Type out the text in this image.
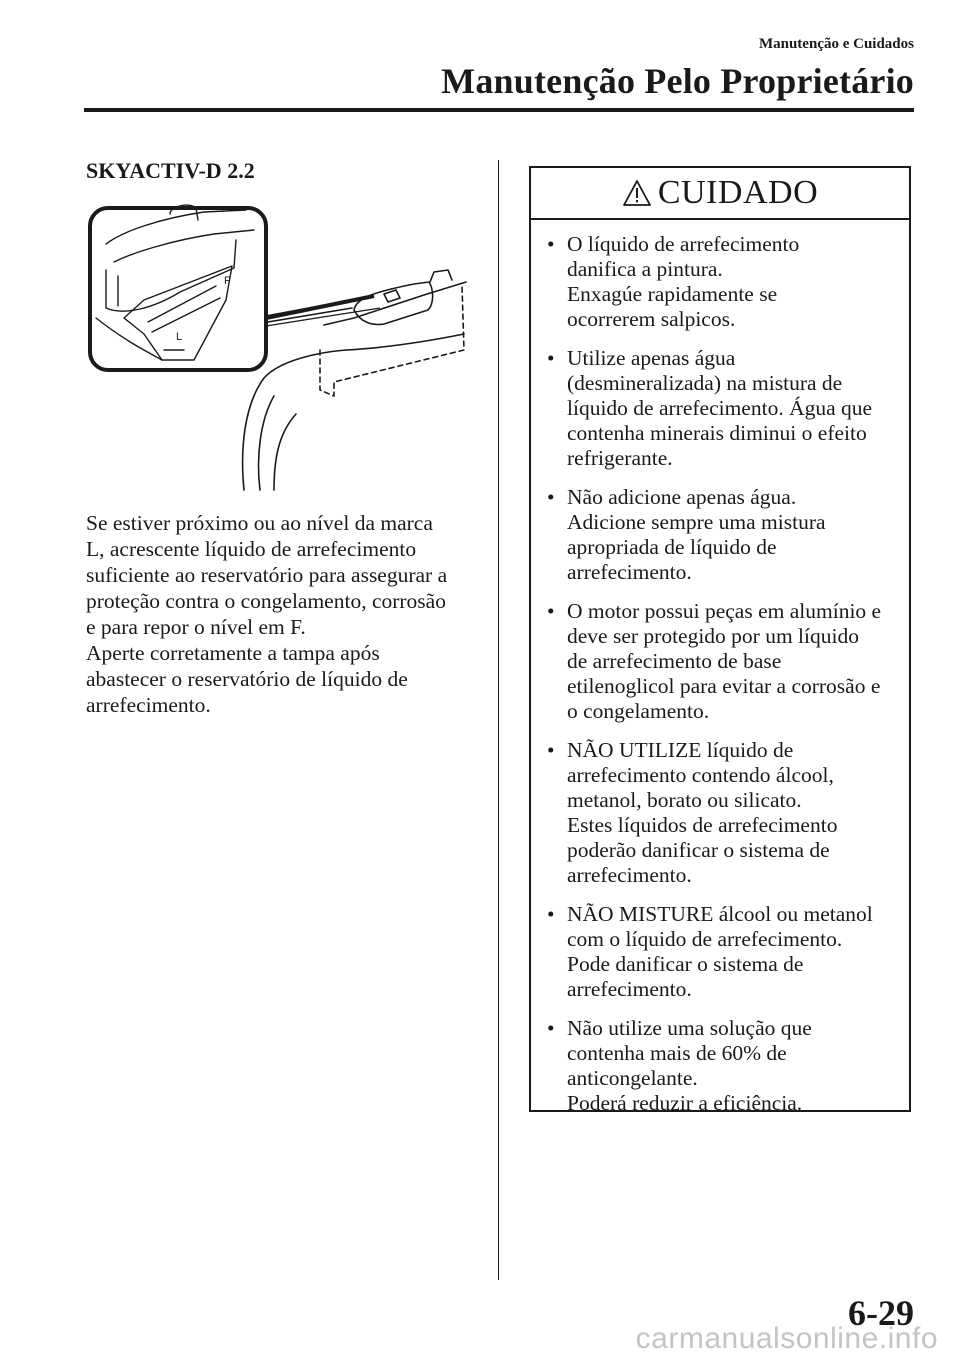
Manutenção e Cuidados
Manutenção Pelo Proprietário
SKYACTIV-D 2.2
F
L

Se estiver próximo ou ao nível da marca

L, acrescente líquido de arrefecimento

suficiente ao reservatório para assegurar a

proteção contra o congelamento, corrosão

e para repor o nível em F.

Aperte corretamente a tampa após

abastecer o reservatório de líquido de

arrefecimento.

CUIDADO
• O líquido de arrefecimento
danifica a pintura.
Enxagúe rapidamente se
ocorrerem salpicos.
• Utilize apenas água
(desmineralizada) na mistura de
líquido de arrefecimento. Água que
contenha minerais diminui o efeito
refrigerante.
• Não adicione apenas água.
Adicione sempre uma mistura
apropriada de líquido de
arrefecimento.
• O motor possui peças em alumínio e
deve ser protegido por um líquido
de arrefecimento de base
etilenoglicol para evitar a corrosão e
o congelamento.
• NÃO UTILIZE líquido de
arrefecimento contendo álcool,
metanol, borato ou silicato.
Estes líquidos de arrefecimento
poderão danificar o sistema de
arrefecimento.
• NÃO MISTURE álcool ou metanol
com o líquido de arrefecimento.
Pode danificar o sistema de
arrefecimento.
• Não utilize uma solução que
contenha mais de 60% de
anticongelante.
Poderá reduzir a eficiência.
6-29
carmanualsonline.info
